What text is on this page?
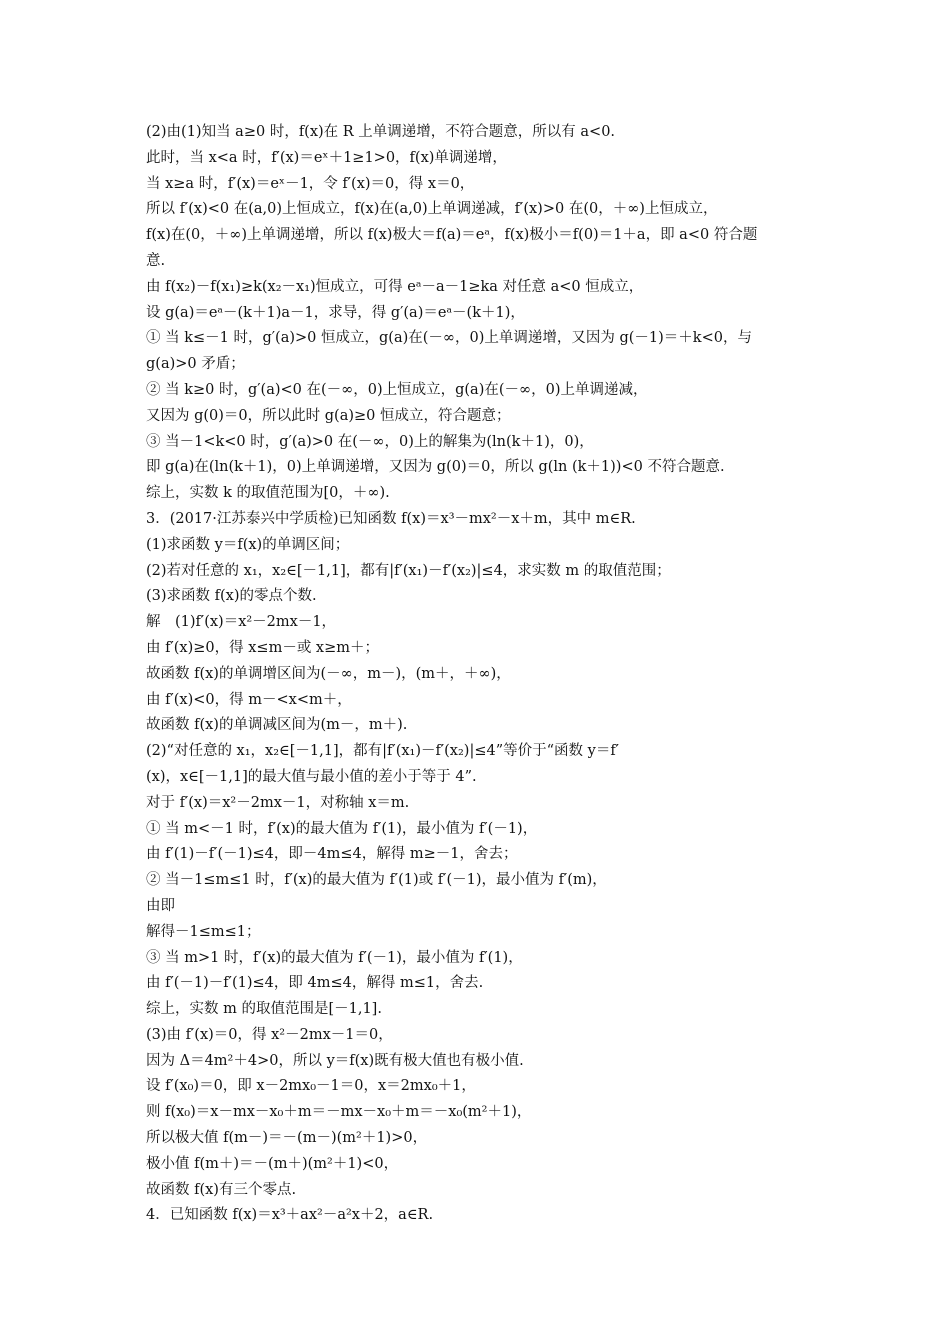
(2)由(1)知当 a≥0 时，f(x)在 R 上单调递增，不符合题意，所以有 a<0.
此时，当 x<a 时，f′(x)＝eˣ＋1≥1>0，f(x)单调递增，
当 x≥a 时，f′(x)＝eˣ－1，令 f′(x)＝0，得 x＝0，
所以 f′(x)<0 在(a,0)上恒成立，f(x)在(a,0)上单调递减，f′(x)>0 在(0，＋∞)上恒成立，
f(x)在(0，＋∞)上单调递增，所以 f(x)极大＝f(a)＝eᵃ，f(x)极小＝f(0)＝1＋a，即 a<0 符合题
意.
由 f(x₂)－f(x₁)≥k(x₂－x₁)恒成立，可得 eᵃ－a－1≥ka 对任意 a<0 恒成立，
设 g(a)＝eᵃ－(k＋1)a－1，求导，得 g′(a)＝eᵃ－(k＋1)，
① 当 k≤－1 时，g′(a)>0 恒成立，g(a)在(－∞，0)上单调递增，又因为 g(－1)＝＋k<0，与
g(a)>0 矛盾；
② 当 k≥0 时，g′(a)<0 在(－∞，0)上恒成立，g(a)在(－∞，0)上单调递减，
又因为 g(0)＝0，所以此时 g(a)≥0 恒成立，符合题意；
③ 当－1<k<0 时，g′(a)>0 在(－∞，0)上的解集为(ln(k＋1)，0)，
即 g(a)在(ln(k＋1)，0)上单调递增，又因为 g(0)＝0，所以 g(ln (k＋1))<0 不符合题意.
综上，实数 k 的取值范围为[0，＋∞).
3．(2017·江苏泰兴中学质检)已知函数 f(x)＝x³－mx²－x＋m，其中 m∈R.
(1)求函数 y＝f(x)的单调区间；
(2)若对任意的 x₁，x₂∈[－1,1]，都有|f′(x₁)－f′(x₂)|≤4，求实数 m 的取值范围；
(3)求函数 f(x)的零点个数.
解　(1)f′(x)＝x²－2mx－1，
由 f′(x)≥0，得 x≤m－或 x≥m＋；
故函数 f(x)的单调增区间为(－∞，m－)，(m＋，＋∞)，
由 f′(x)<0，得 m－<x<m＋，
故函数 f(x)的单调减区间为(m－，m＋).
(2)“对任意的 x₁，x₂∈[－1,1]，都有|f′(x₁)－f′(x₂)|≤4”等价于“函数 y＝f′
(x)，x∈[－1,1]的最大值与最小值的差小于等于 4”.
对于 f′(x)＝x²－2mx－1，对称轴 x＝m.
① 当 m<－1 时，f′(x)的最大值为 f′(1)，最小值为 f′(－1)，
由 f′(1)－f′(－1)≤4，即－4m≤4，解得 m≥－1，舍去；
② 当－1≤m≤1 时，f′(x)的最大值为 f′(1)或 f′(－1)，最小值为 f′(m)，
由即
解得－1≤m≤1；
③ 当 m>1 时，f′(x)的最大值为 f′(－1)，最小值为 f′(1)，
由 f′(－1)－f′(1)≤4，即 4m≤4，解得 m≤1，舍去.
综上，实数 m 的取值范围是[－1,1].
(3)由 f′(x)＝0，得 x²－2mx－1＝0，
因为 Δ＝4m²＋4>0，所以 y＝f(x)既有极大值也有极小值.
设 f′(x₀)＝0，即 x－2mx₀－1＝0，x＝2mx₀＋1，
则 f(x₀)＝x－mx－x₀＋m＝－mx－x₀＋m＝－x₀(m²＋1)，
所以极大值 f(m－)＝－(m－)(m²＋1)>0，
极小值 f(m＋)＝－(m＋)(m²＋1)<0，
故函数 f(x)有三个零点.
4．已知函数 f(x)＝x³＋ax²－a²x＋2，a∈R.
